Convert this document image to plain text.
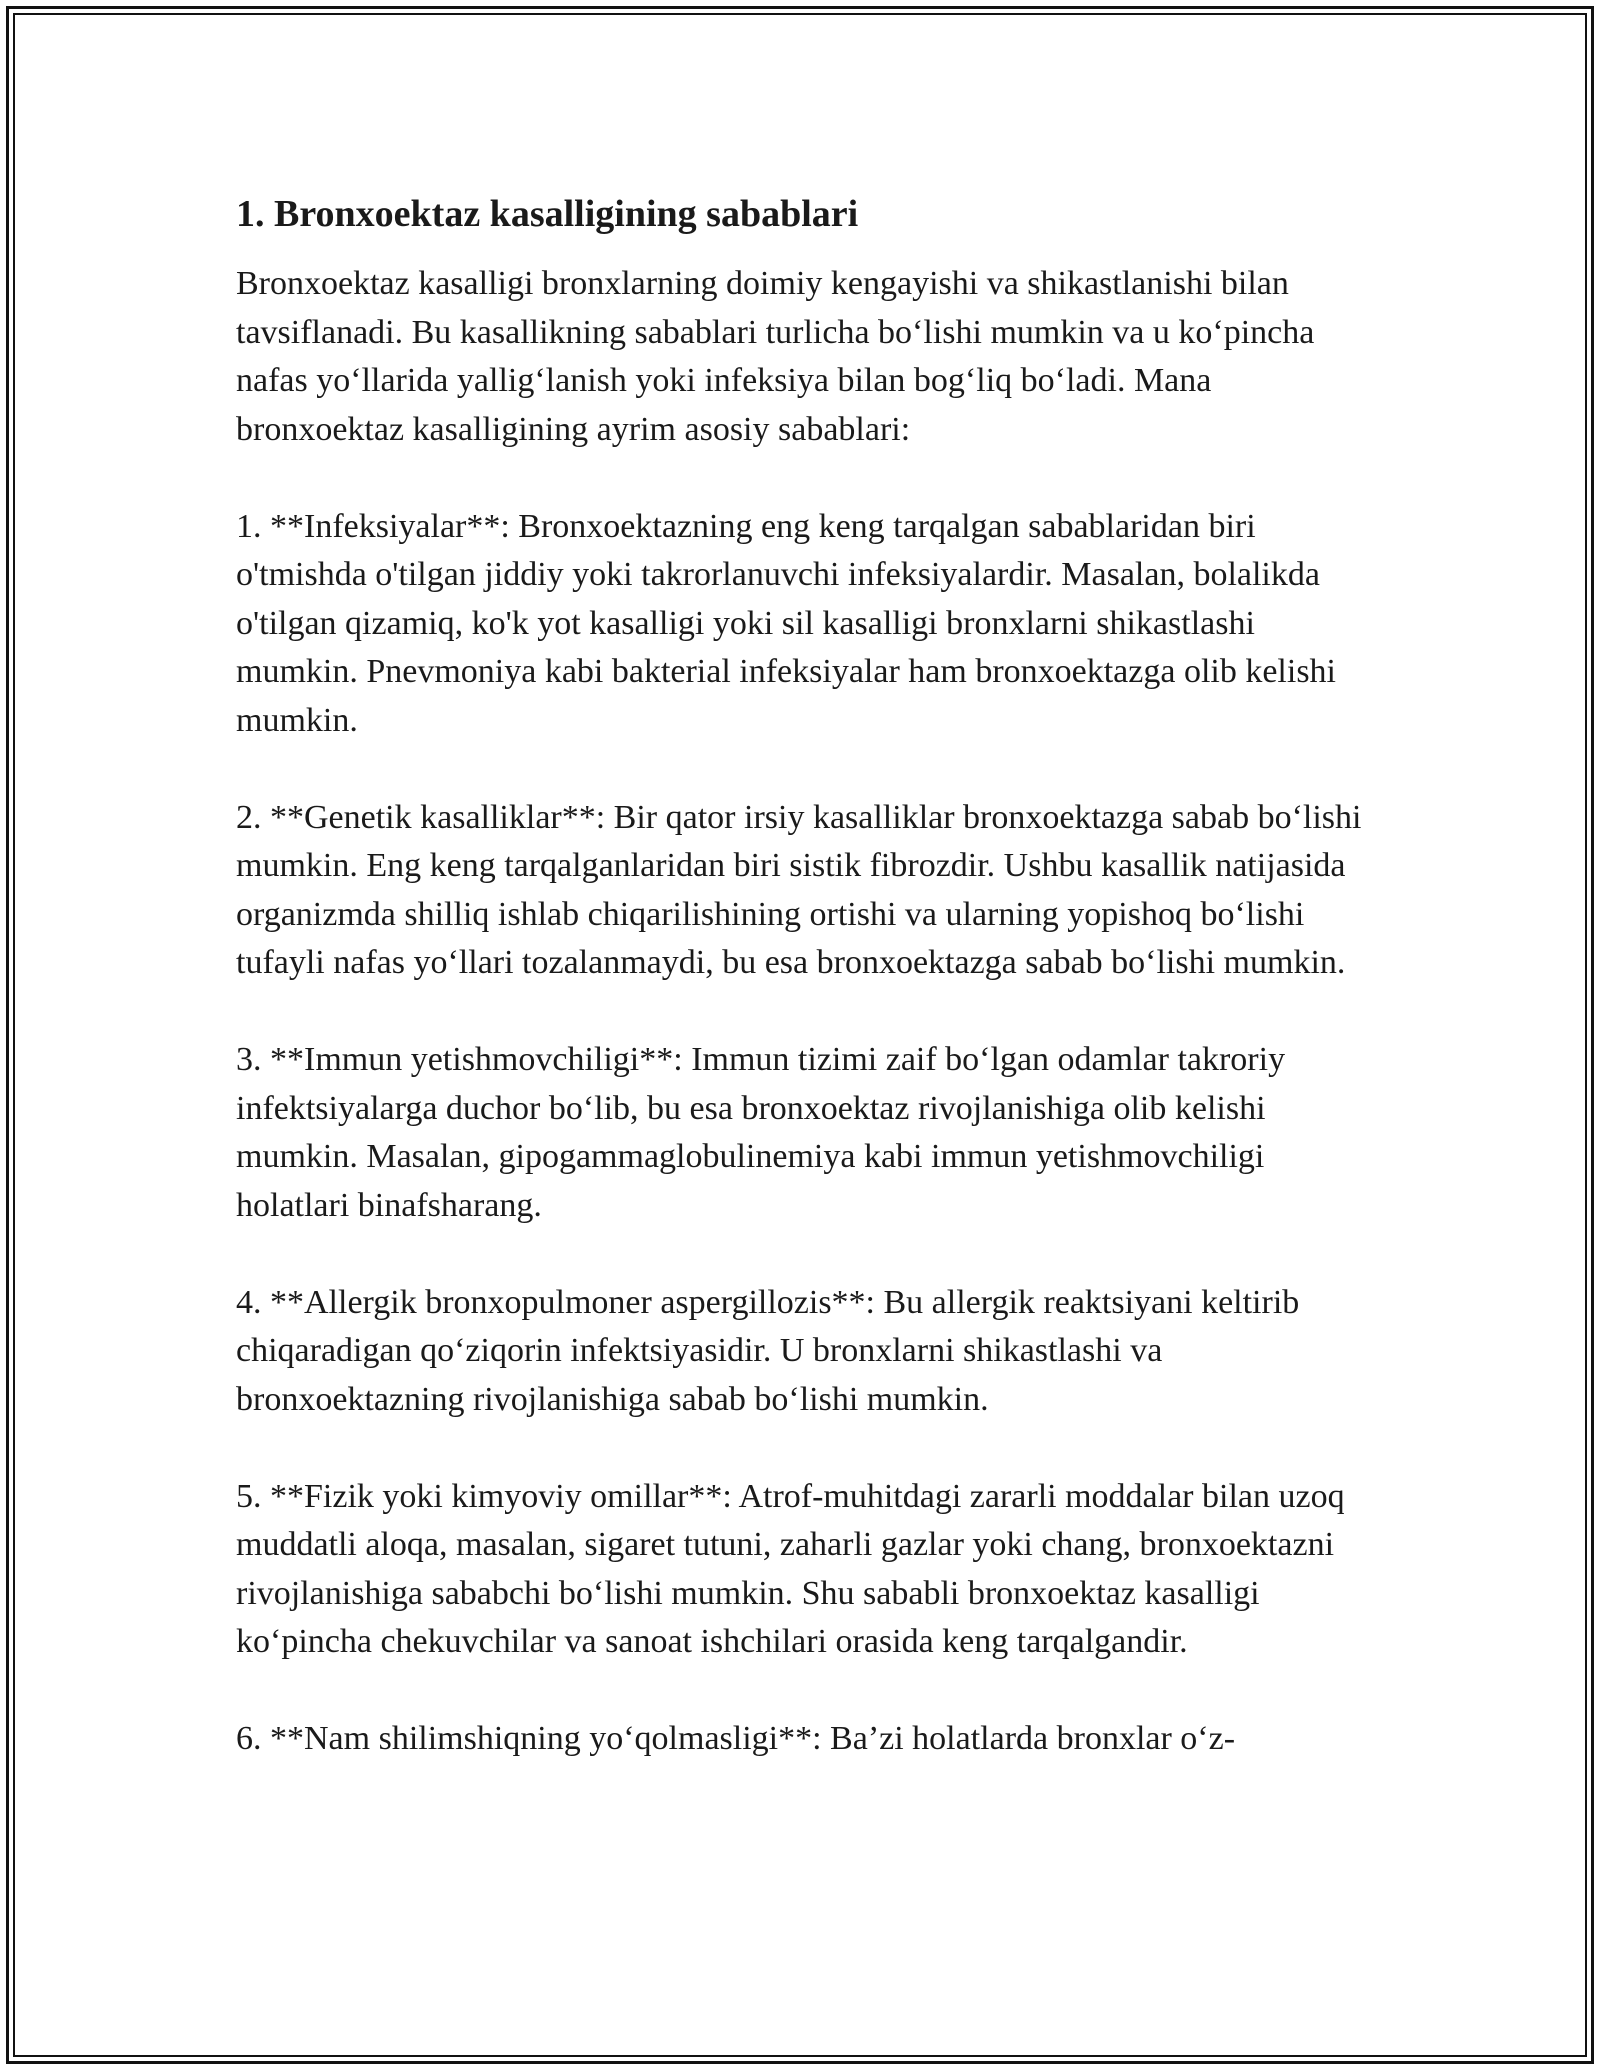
1. Bronxoektaz kasalligining sabablari

Bronxoektaz kasalligi bronxlarning doimiy kengayishi va shikastlanishi bilan tavsiflanadi. Bu kasallikning sabablari turlicha bo‘lishi mumkin va u ko‘pincha nafas yo‘llarida yallig‘lanish yoki infeksiya bilan bog‘liq bo‘ladi. Mana bronxoektaz kasalligining ayrim asosiy sabablari:

1. **Infeksiyalar**: Bronxoektazning eng keng tarqalgan sabablaridan biri o'tmishda o'tilgan jiddiy yoki takrorlanuvchi infeksiyalardir. Masalan, bolalikda o'tilgan qizamiq, ko'k yot kasalligi yoki sil kasalligi bronxlarni shikastlashi mumkin. Pnevmoniya kabi bakterial infeksiyalar ham bronxoektazga olib kelishi mumkin.

2. **Genetik kasalliklar**: Bir qator irsiy kasalliklar bronxoektazga sabab bo‘lishi mumkin. Eng keng tarqalganlaridan biri sistik fibrozdir. Ushbu kasallik natijasida organizmda shilliq ishlab chiqarilishining ortishi va ularning yopishoq bo‘lishi tufayli nafas yo‘llari tozalanmaydi, bu esa bronxoektazga sabab bo‘lishi mumkin.

3. **Immun yetishmovchiligi**: Immun tizimi zaif bo‘lgan odamlar takroriy infektsiyalarga duchor bo‘lib, bu esa bronxoektaz rivojlanishiga olib kelishi mumkin. Masalan, gipogammaglobulinemiya kabi immun yetishmovchiligi holatlari binafsharang.

4. **Allergik bronxopulmoner aspergillozis**: Bu allergik reaktsiyani keltirib chiqaradigan qo‘ziqorin infektsiyasidir. U bronxlarni shikastlashi va bronxoektazning rivojlanishiga sabab bo‘lishi mumkin.

5. **Fizik yoki kimyoviy omillar**: Atrof-muhitdagi zararli moddalar bilan uzoq muddatli aloqa, masalan, sigaret tutuni, zaharli gazlar yoki chang, bronxoektazni rivojlanishiga sababchi bo‘lishi mumkin. Shu sababli bronxoektaz kasalligi ko‘pincha chekuvchilar va sanoat ishchilari orasida keng tarqalgandir.

6. **Nam shilimshiqning yo‘qolmasligi**: Ba’zi holatlarda bronxlar o‘z-
